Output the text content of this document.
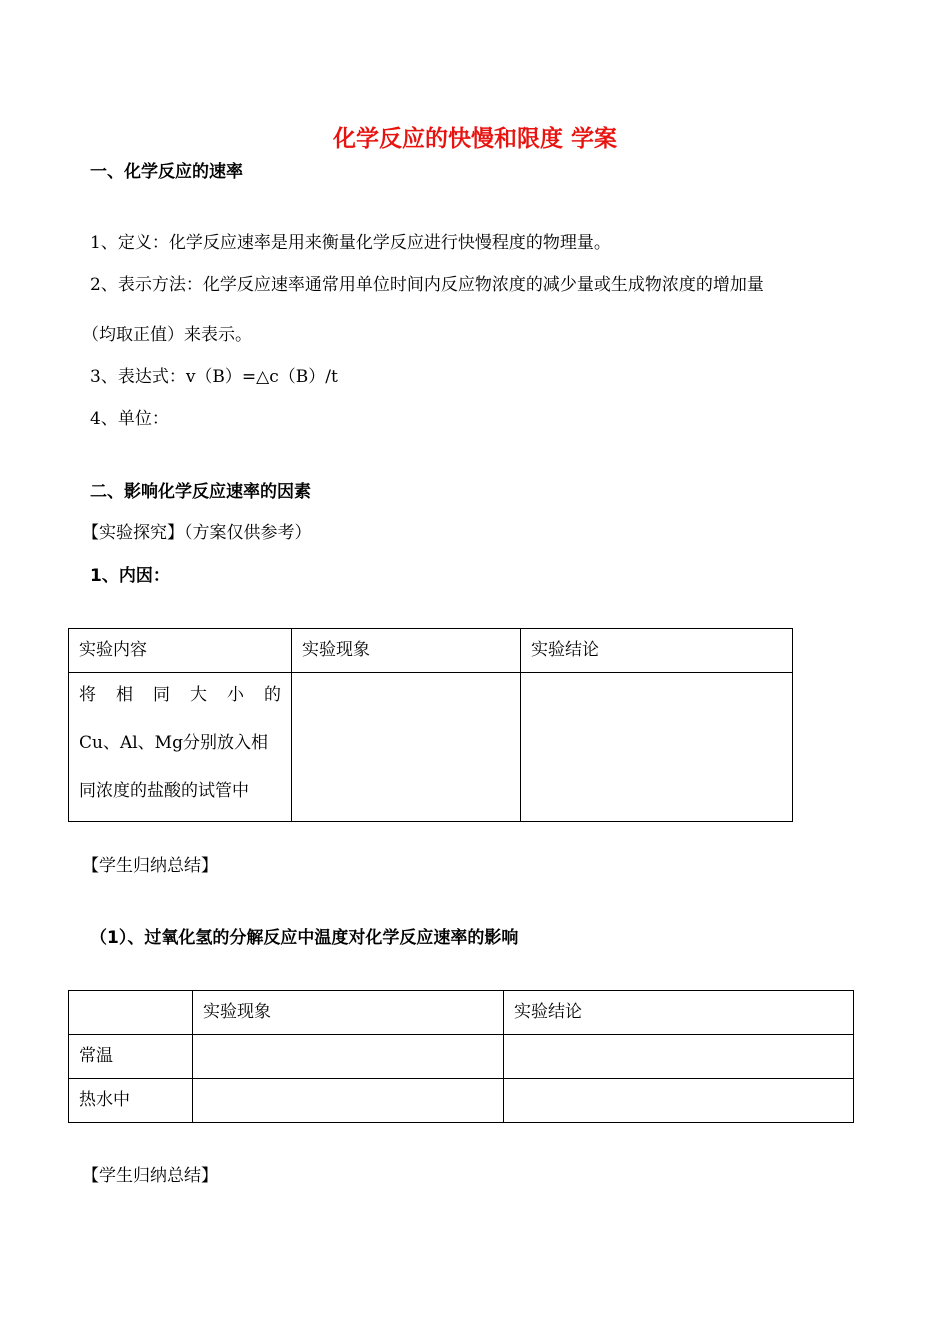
化学反应的快慢和限度 学案
一、化学反应的速率
1、定义：化学反应速率是用来衡量化学反应进行快慢程度的物理量。
2、表示方法：化学反应速率通常用单位时间内反应物浓度的减少量或生成物浓度的增加量
（均取正值）来表示。
3、表达式：v（B）=△c（B）/t
4、单位：
二、影响化学反应速率的因素
【实验探究】（方案仅供参考）
1、内因：
实验内容	实验现象	实验结论

将 相 同 大 小 的
Cu、Al、Mg分别放入相
同浓度的盐酸的试管中		

【学生归纳总结】
（1）、过氧化氢的分解反应中温度对化学反应速率的影响
	实验现象	实验结论
常温		
热水中		
【学生归纳总结】
